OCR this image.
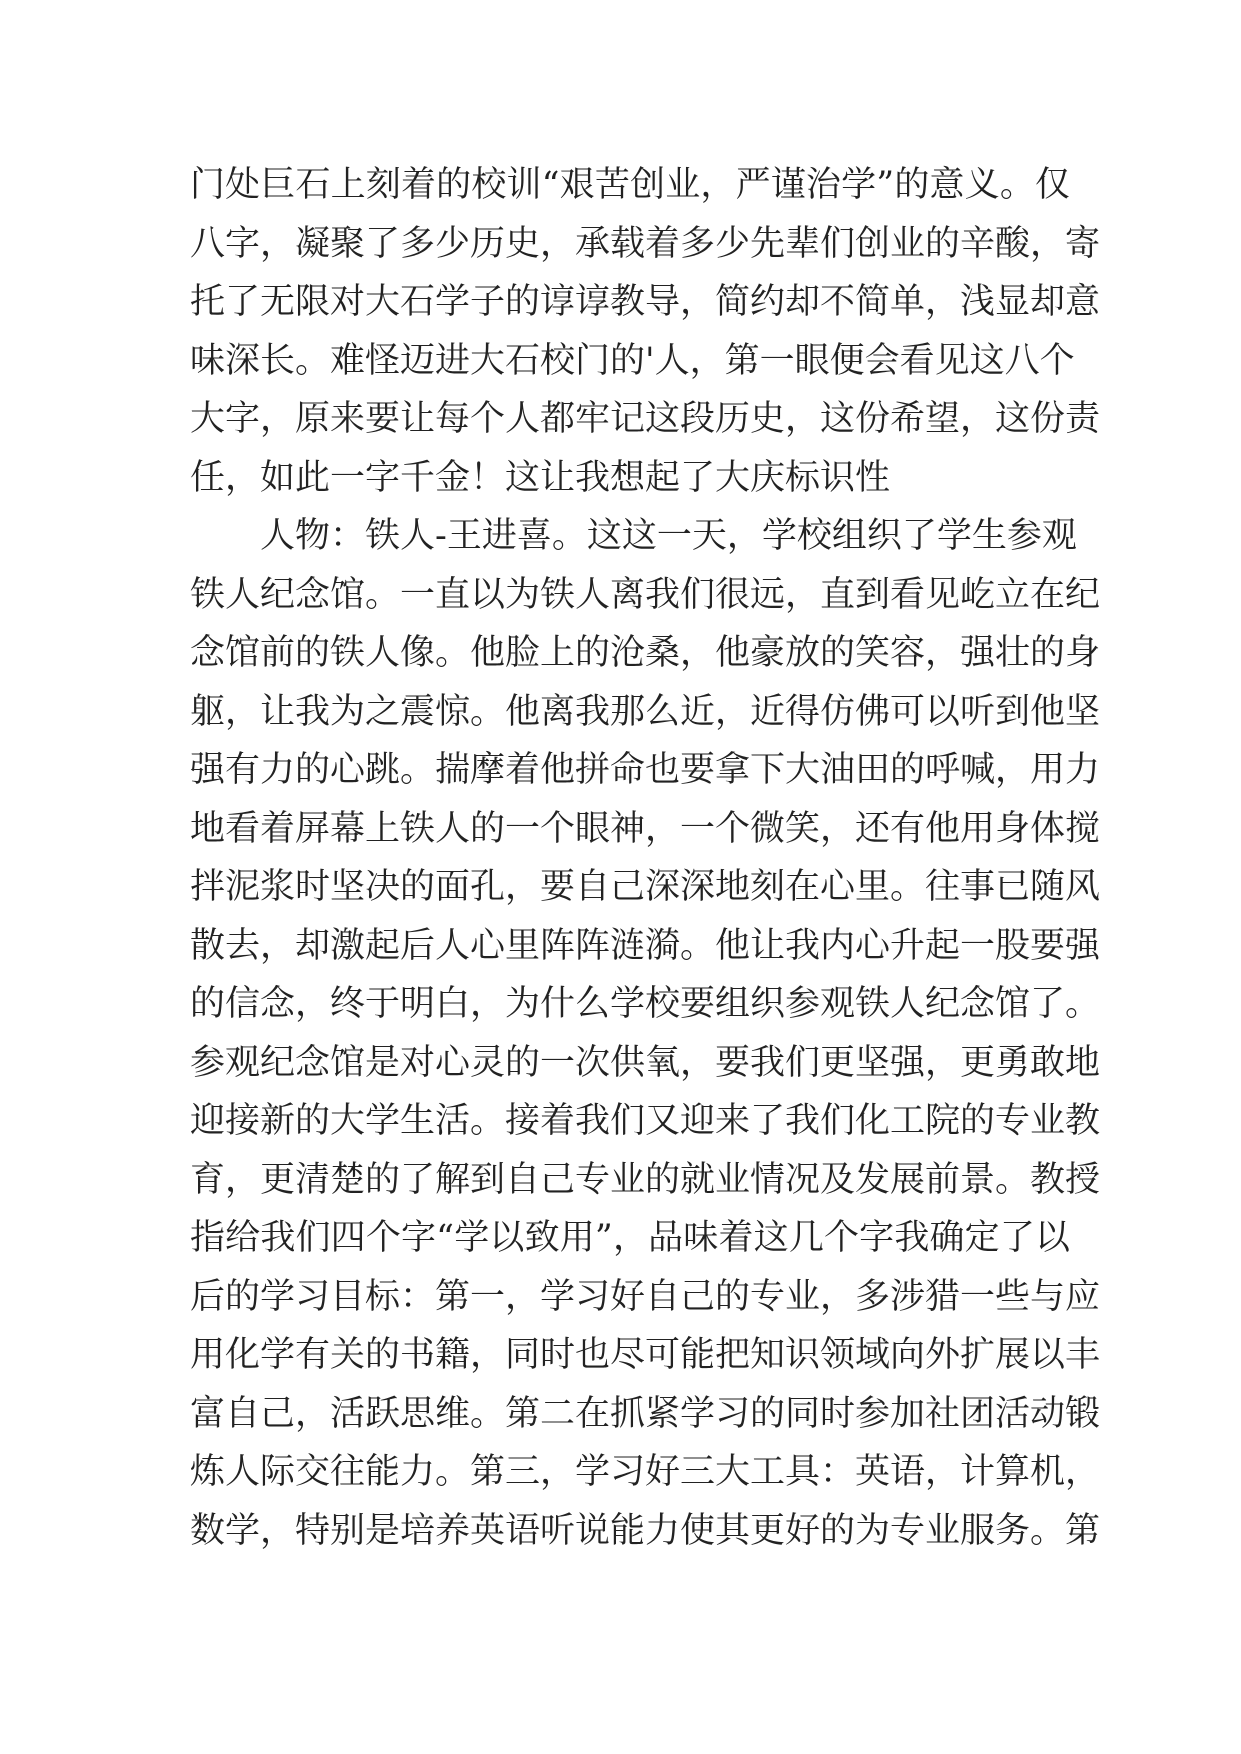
门处巨石上刻着的校训“艰苦创业，严谨治学”的意义。仅
八字，凝聚了多少历史，承载着多少先辈们创业的辛酸，寄
托了无限对大石学子的谆谆教导，简约却不简单，浅显却意
味深长。难怪迈进大石校门的'人，第一眼便会看见这八个
大字，原来要让每个人都牢记这段历史，这份希望，这份责
任，如此一字千金！这让我想起了大庆标识性
人物：铁人-王进喜。这这一天，学校组织了学生参观
铁人纪念馆。一直以为铁人离我们很远，直到看见屹立在纪
念馆前的铁人像。他脸上的沧桑，他豪放的笑容，强壮的身
躯，让我为之震惊。他离我那么近，近得仿佛可以听到他坚
强有力的心跳。揣摩着他拼命也要拿下大油田的呼喊，用力
地看着屏幕上铁人的一个眼神，一个微笑，还有他用身体搅
拌泥浆时坚决的面孔，要自己深深地刻在心里。往事已随风
散去，却激起后人心里阵阵涟漪。他让我内心升起一股要强
的信念，终于明白，为什么学校要组织参观铁人纪念馆了。
参观纪念馆是对心灵的一次供氧，要我们更坚强，更勇敢地
迎接新的大学生活。接着我们又迎来了我们化工院的专业教
育，更清楚的了解到自己专业的就业情况及发展前景。教授
指给我们四个字“学以致用”，品味着这几个字我确定了以
后的学习目标：第一，学习好自己的专业，多涉猎一些与应
用化学有关的书籍，同时也尽可能把知识领域向外扩展以丰
富自己，活跃思维。第二在抓紧学习的同时参加社团活动锻
炼人际交往能力。第三，学习好三大工具：英语，计算机，
数学，特别是培养英语听说能力使其更好的为专业服务。第
